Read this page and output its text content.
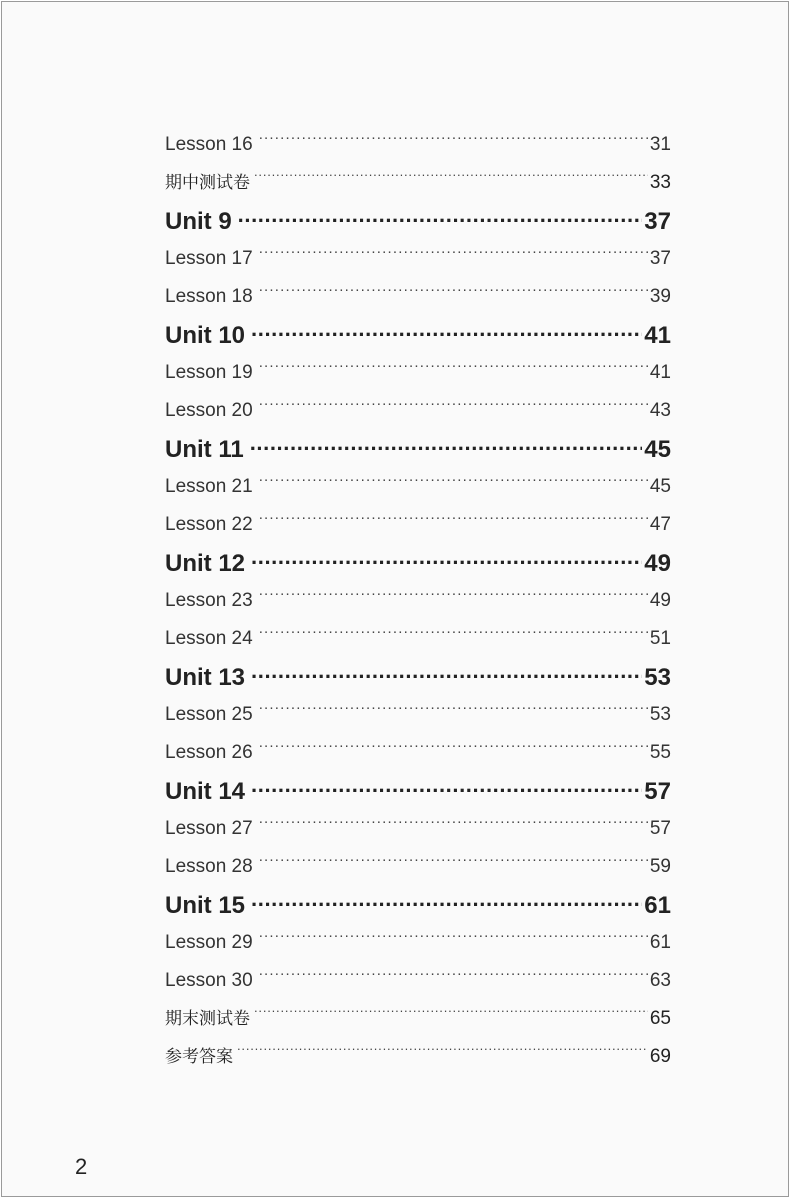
Lesson 16 .....	31
期中测试卷 .....	33
Unit 9 .....	37
Lesson 17 .....	37
Lesson 18 .....	39
Unit 10 .....	41
Lesson 19 .....	41
Lesson 20 .....	43
Unit 11 .....	45
Lesson 21 .....	45
Lesson 22 .....	47
Unit 12 .....	49
Lesson 23 .....	49
Lesson 24 .....	51
Unit 13 .....	53
Lesson 25 .....	53
Lesson 26 .....	55
Unit 14 .....	57
Lesson 27 .....	57
Lesson 28 .....	59
Unit 15 .....	61
Lesson 29 .....	61
Lesson 30 .....	63
期末测试卷 .....	65
参考答案 .....	69
2
